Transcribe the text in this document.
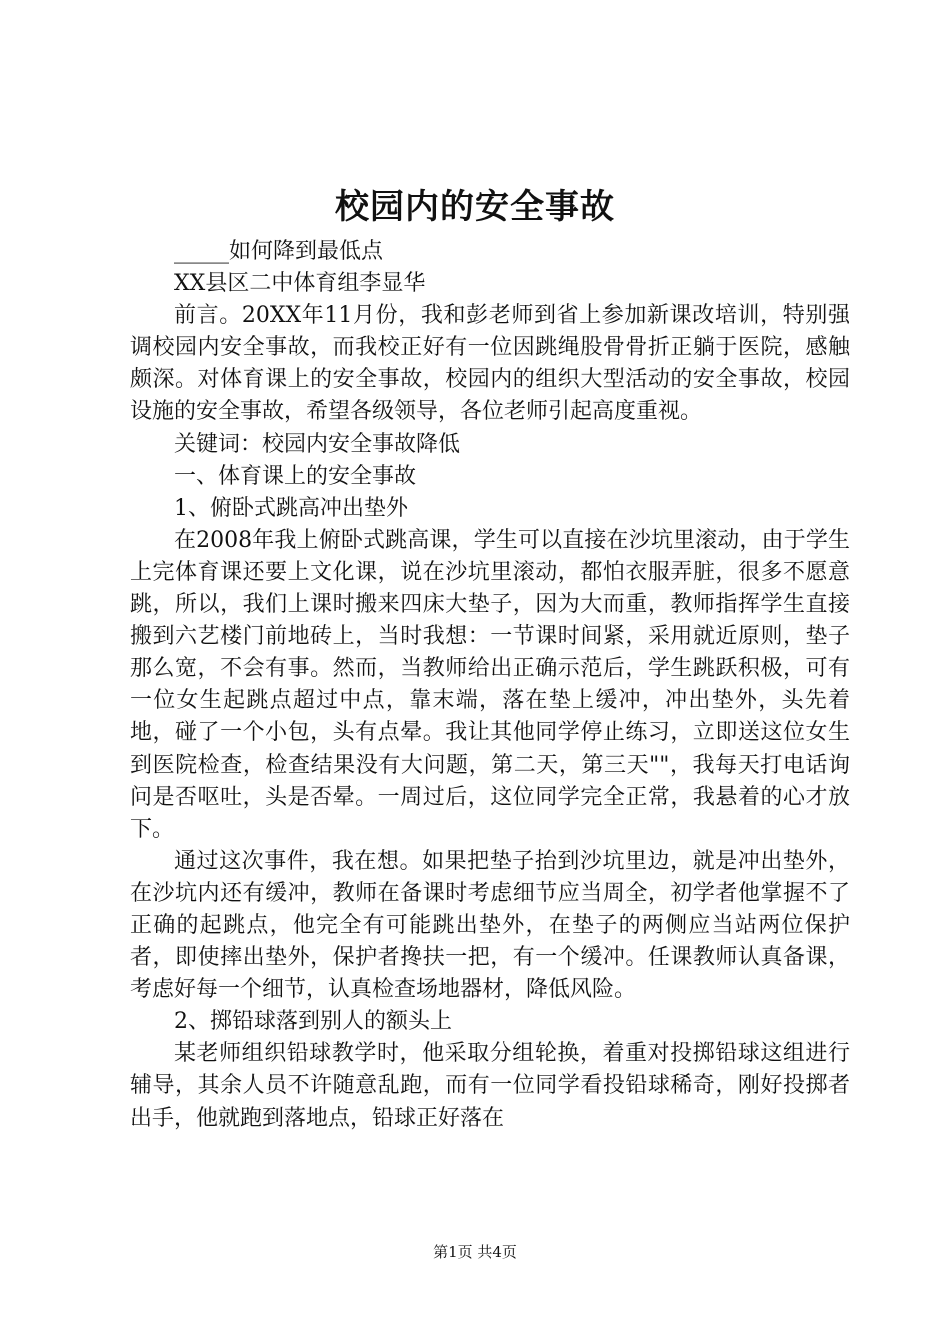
校园内的安全事故

_____如何降到最低点

XX县区二中体育组李显华

前言。20XX年11月份，我和彭老师到省上参加新课改培训，特别强调校园内安全事故，而我校正好有一位因跳绳股骨骨折正躺于医院，感触颇深。对体育课上的安全事故，校园内的组织大型活动的安全事故，校园设施的安全事故，希望各级领导，各位老师引起高度重视。

关键词：校园内安全事故降低

一、体育课上的安全事故

1、俯卧式跳高冲出垫外

在2008年我上俯卧式跳高课，学生可以直接在沙坑里滚动，由于学生上完体育课还要上文化课，说在沙坑里滚动，都怕衣服弄脏，很多不愿意跳，所以，我们上课时搬来四床大垫子，因为大而重，教师指挥学生直接搬到六艺楼门前地砖上，当时我想：一节课时间紧，采用就近原则，垫子那么宽，不会有事。然而，当教师给出正确示范后，学生跳跃积极，可有一位女生起跳点超过中点，靠末端，落在垫上缓冲，冲出垫外，头先着地，碰了一个小包，头有点晕。我让其他同学停止练习，立即送这位女生到医院检查，检查结果没有大问题，第二天，第三天""，我每天打电话询问是否呕吐，头是否晕。一周过后，这位同学完全正常，我悬着的心才放下。

通过这次事件，我在想。如果把垫子抬到沙坑里边，就是冲出垫外，在沙坑内还有缓冲，教师在备课时考虑细节应当周全，初学者他掌握不了正确的起跳点，他完全有可能跳出垫外，在垫子的两侧应当站两位保护者，即使摔出垫外，保护者搀扶一把，有一个缓冲。任课教师认真备课，考虑好每一个细节，认真检查场地器材，降低风险。

2、掷铅球落到别人的额头上

某老师组织铅球教学时，他采取分组轮换，着重对投掷铅球这组进行辅导，其余人员不许随意乱跑，而有一位同学看投铅球稀奇，刚好投掷者出手，他就跑到落地点，铅球正好落在

第1页 共4页
